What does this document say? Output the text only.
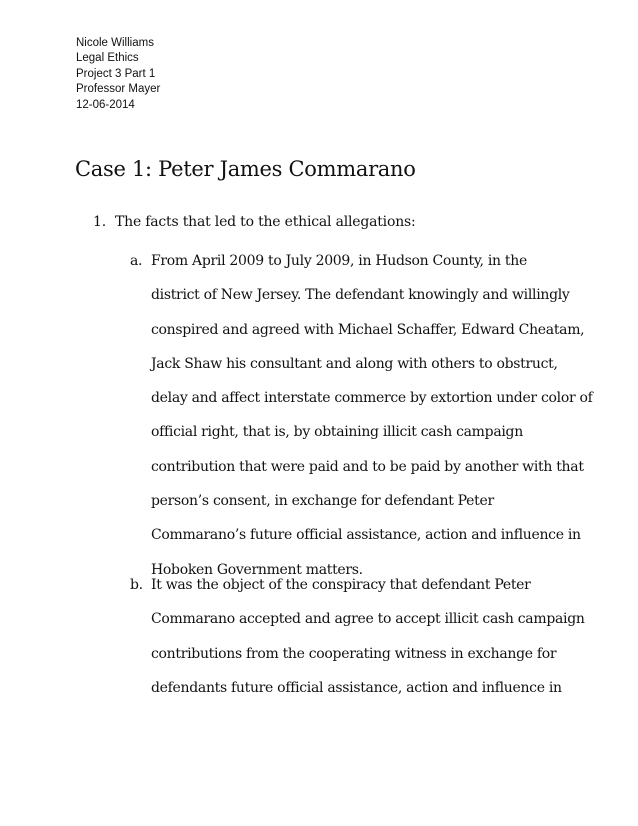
Nicole Williams
Legal Ethics
Project 3 Part 1
Professor Mayer
12-06-2014
Case 1: Peter James Commarano
1. The facts that led to the ethical allegations:
a. From April 2009 to July 2009, in Hudson County, in the
district of New Jersey. The defendant knowingly and willingly
conspired and agreed with Michael Schaffer, Edward Cheatam,
Jack Shaw his consultant and along with others to obstruct,
delay and affect interstate commerce by extortion under color of
official right, that is, by obtaining illicit cash campaign
contribution that were paid and to be paid by another with that
person’s consent, in exchange for defendant Peter
Commarano’s future official assistance, action and influence in
Hoboken Government matters.
b. It was the object of the conspiracy that defendant Peter
Commarano accepted and agree to accept illicit cash campaign
contributions from the cooperating witness in exchange for
defendants future official assistance, action and influence in
